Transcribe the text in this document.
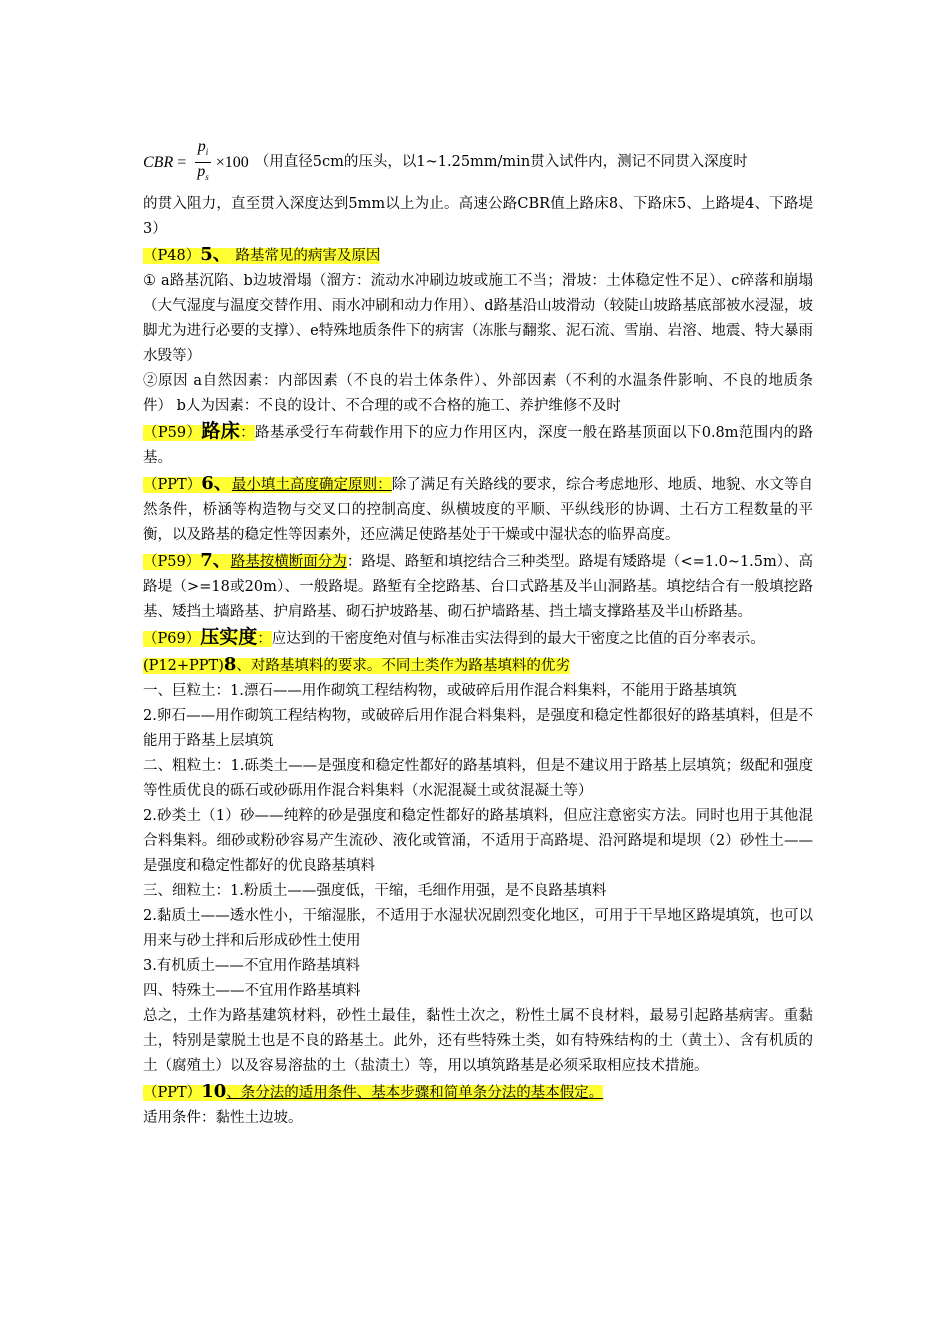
CBR = $\frac{p_i}{p_s} \times 100$ （用直径5cm的压头，以1~1.25mm/min贯入试件内，测记不同贯入深度时

的贯入阻力，直至贯入深度达到5mm以上为止。高速公路CBR值上路床8、下路床5、上路堤4、下路堤3）

（P48）5、 路基常见的病害及原因

① a路基沉陷、b边坡滑塌（溜方：流动水冲刷边坡或施工不当；滑坡：土体稳定性不足）、c碎落和崩塌（大气湿度与温度交替作用、雨水冲刷和动力作用）、d路基沿山坡滑动（较陡山坡路基底部被水浸湿，坡脚尤为进行必要的支撑）、e特殊地质条件下的病害（冻胀与翻浆、泥石流、雪崩、岩溶、地震、特大暴雨水毁等）

②原因 a自然因素：内部因素（不良的岩土体条件）、外部因素（不利的水温条件影响、不良的地质条件） b人为因素：不良的设计、不合理的或不合格的施工、养护维修不及时

（P59）路床：路基承受行车荷载作用下的应力作用区内，深度一般在路基顶面以下0.8m范围内的路基。

（PPT）6、最小填土高度确定原则：除了满足有关路线的要求，综合考虑地形、地质、地貌、水文等自然条件，桥涵等构造物与交叉口的控制高度、纵横坡度的平顺、平纵线形的协调、土石方工程数量的平衡，以及路基的稳定性等因素外，还应满足使路基处于干燥或中湿状态的临界高度。

（P59）7、路基按横断面分为：路堤、路堑和填挖结合三种类型。路堤有矮路堤（<=1.0~1.5m）、高路堤（>=18或20m）、一般路堤。路堑有全挖路基、台口式路基及半山洞路基。填挖结合有一般填挖路基、矮挡土墙路基、护肩路基、砌石护坡路基、砌石护墙路基、挡土墙支撑路基及半山桥路基。

（P69）压实度：应达到的干密度绝对值与标准击实法得到的最大干密度之比值的百分率表示。

(P12+PPT)8、对路基填料的要求。不同土类作为路基填料的优劣

一、巨粒土：1.漂石——用作砌筑工程结构物，或破碎后用作混合料集料，不能用于路基填筑

2.卵石——用作砌筑工程结构物，或破碎后用作混合料集料，是强度和稳定性都很好的路基填料，但是不能用于路基上层填筑

二、粗粒土：1.砾类土——是强度和稳定性都好的路基填料，但是不建议用于路基上层填筑；级配和强度等性质优良的砾石或砂砾用作混合料集料（水泥混凝土或贫混凝土等）

2.砂类土（1）砂——纯粹的砂是强度和稳定性都好的路基填料，但应注意密实方法。同时也用于其他混合料集料。细砂或粉砂容易产生流砂、液化或管涌，不适用于高路堤、沿河路堤和堤坝（2）砂性土——是强度和稳定性都好的优良路基填料

三、细粒土：1.粉质土——强度低，干缩，毛细作用强，是不良路基填料

2.黏质土——透水性小，干缩湿胀，不适用于水湿状况剧烈变化地区，可用于干旱地区路堤填筑，也可以用来与砂土拌和后形成砂性土使用

3.有机质土——不宜用作路基填料

四、特殊土——不宜用作路基填料

总之，土作为路基建筑材料，砂性土最佳，黏性土次之，粉性土属不良材料，最易引起路基病害。重黏土，特别是蒙脱土也是不良的路基土。此外，还有些特殊土类，如有特殊结构的土（黄土）、含有机质的土（腐殖土）以及容易溶盐的土（盐渍土）等，用以填筑路基是必须采取相应技术措施。

（PPT）10、条分法的适用条件、基本步骤和简单条分法的基本假定。

适用条件：黏性土边坡。
